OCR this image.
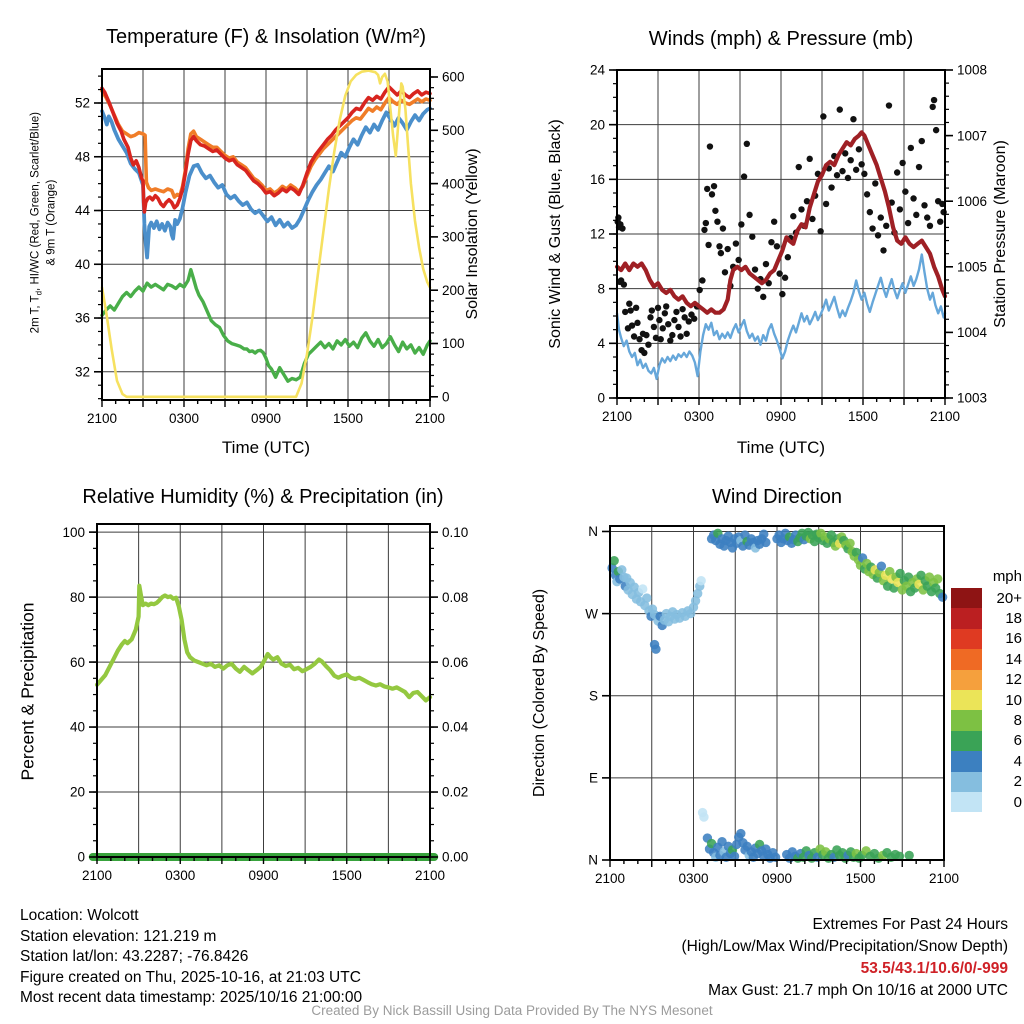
2100	0300	0900	1500	2100
32
36
40
44
48
52
0
100
200
300
400
500
600
2100	0300	0900	1500	2100
0
4
8
12
16
20
24
1003
1004
1005
1006
1007
1008
2100	0300	0900	1500	2100
0
20
40
60
80
100
0.00
0.02
0.04
0.06
0.08
0.10
2100	0300	0900	1500	2100
N
W
S
E
N
Temperature (F) & Insolation (W/m²)	Winds (mph) & Pressure (mb)
Relative Humidity (%) & Precipitation (in)	Wind Direction
Time (UTC)	Time (UTC)
2m T, $T_d$, HI/WC (Red, Green, Scarlet/Blue) & 9m T (Orange)	Solar Insolation (Yellow)	Sonic Wind & Gust (Blue, Black)	Station Pressure (Maroon)
Percent & Precipitation	Direction (Colored By Speed)
mph
20+
18
16
14
12
10
8
6
4
2
0
Location: Wolcott
Station elevation: 121.219 m
Station lat/lon: 43.2287; -76.8426
Figure created on Thu, 2025-10-16, at 21:03 UTC
Most recent data timestamp: 2025/10/16 21:00:00
Extremes For Past 24 Hours
(High/Low/Max Wind/Precipitation/Snow Depth)
53.5/43.1/10.6/0/-999
Max Gust: 21.7 mph On 10/16 at 2000 UTC
Created By Nick Bassill Using Data Provided By The NYS Mesonet
